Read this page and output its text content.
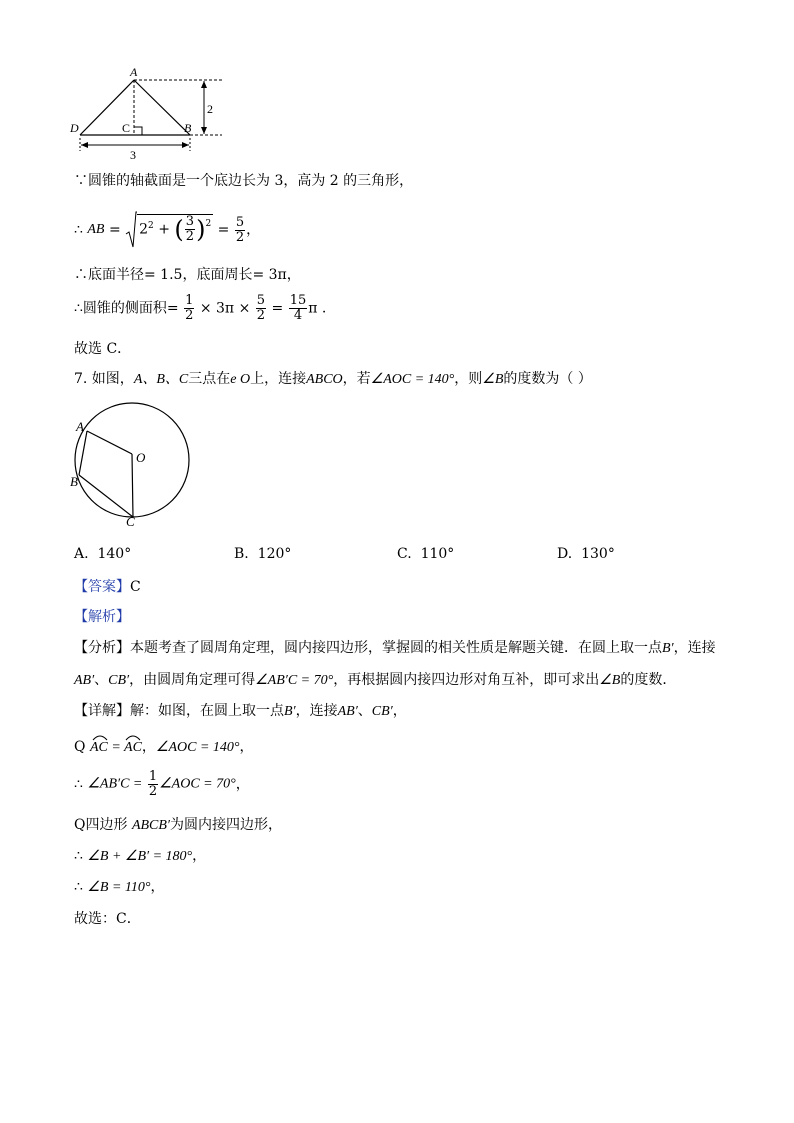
A
D	C	B
2
3
∵圆锥的轴截面是一个底边长为 3，高为 2 的三角形，
∴ AB = $2^2$ + ( $\frac{3}{2} )^2 = \frac{5}{2}$ ，
∴底面半径= 1.5，底面周长= 3π，
∴圆锥的侧面积= $\frac{1}{2} \times 3\pi \times \frac{5}{2} = \frac{15}{4}$ π .
故选 C．
7. 如图，A、B、C三点在e O上，连接ABCO，若∠AOC = 140°，则∠B的度数为（ ）
A
O
B
C
A. 140°	B. 120°	C. 110°	D. 130°
【答案】C
【解析】
【分析】本题考查了圆周角定理，圆内接四边形，掌握圆的相关性质是解题关键．在圆上取一点B′，连接
AB′、CB′，由圆周角定理可得∠AB′C = 70°，再根据圆内接四边形对角互补，即可求出∠B的度数．
【详解】解：如图，在圆上取一点B′，连接AB′、CB′，
Q AC = AC，∠AOC = 140°，
∴ ∠AB′C = $\frac{1}{2}$ ∠AOC = 70°，
Q四边形 ABCB′为圆内接四边形，
∴ ∠B + ∠B′ = 180°，
∴ ∠B = 110°，
故选：C．
